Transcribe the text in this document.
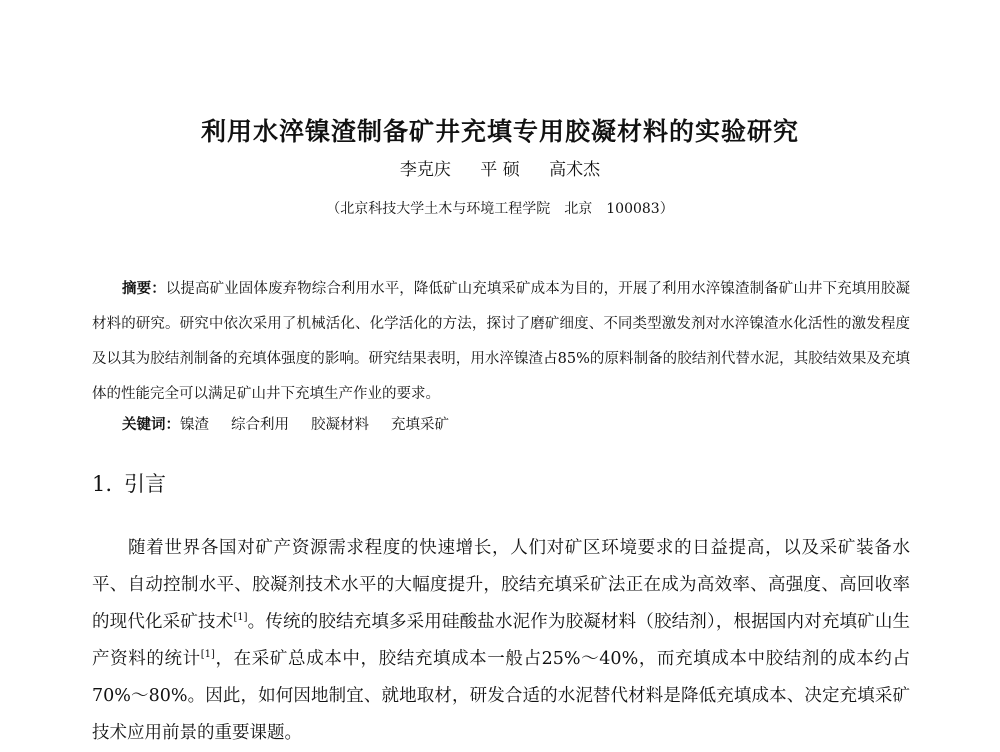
利用水淬镍渣制备矿井充填专用胶凝材料的实验研究
李克庆 平 硕 高术杰
（北京科技大学土木与环境工程学院　北京　100083）
摘要：以提高矿业固体废弃物综合利用水平，降低矿山充填采矿成本为目的，开展了利用水淬镍渣制备矿山井下充填用胶凝材料的研究。研究中依次采用了机械活化、化学活化的方法，探讨了磨矿细度、不同类型激发剂对水淬镍渣水化活性的激发程度及以其为胶结剂制备的充填体强度的影响。研究结果表明，用水淬镍渣占85%的原料制备的胶结剂代替水泥，其胶结效果及充填体的性能完全可以满足矿山井下充填生产作业的要求。
关键词：镍渣 综合利用 胶凝材料 充填采矿
1. 引言
随着世界各国对矿产资源需求程度的快速增长，人们对矿区环境要求的日益提高，以及采矿装备水平、自动控制水平、胶凝剂技术水平的大幅度提升，胶结充填采矿法正在成为高效率、高强度、高回收率的现代化采矿技术[1]。传统的胶结充填多采用硅酸盐水泥作为胶凝材料（胶结剂），根据国内对充填矿山生产资料的统计[1]，在采矿总成本中，胶结充填成本一般占25%～40%，而充填成本中胶结剂的成本约占70%～80%。因此，如何因地制宜、就地取材，研发合适的水泥替代材料是降低充填成本、决定充填采矿技术应用前景的重要课题。
